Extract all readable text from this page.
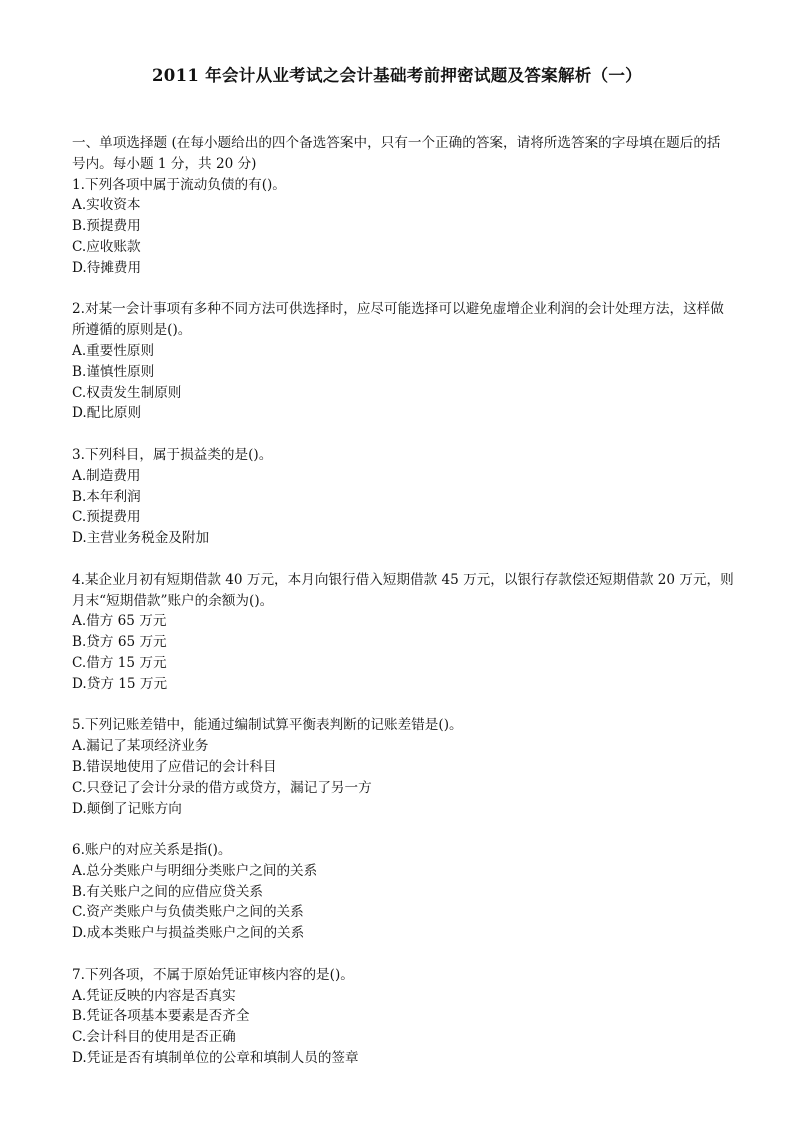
2011 年会计从业考试之会计基础考前押密试题及答案解析（一）

一、单项选择题 (在每小题给出的四个备选答案中，只有一个正确的答案，请将所选答案的字母填在题后的括号内。每小题 1 分，共 20 分)

1.下列各项中属于流动负债的有()。

A.实收资本

B.预提费用

C.应收账款

D.待摊费用

2.对某一会计事项有多种不同方法可供选择时，应尽可能选择可以避免虚增企业利润的会计处理方法，这样做所遵循的原则是()。

A.重要性原则

B.谨慎性原则

C.权责发生制原则

D.配比原则

3.下列科目，属于损益类的是()。

A.制造费用

B.本年利润

C.预提费用

D.主营业务税金及附加

4.某企业月初有短期借款 40 万元，本月向银行借入短期借款 45 万元，以银行存款偿还短期借款 20 万元，则月末“短期借款”账户的余额为()。

A.借方 65 万元

B.贷方 65 万元

C.借方 15 万元

D.贷方 15 万元

5.下列记账差错中，能通过编制试算平衡表判断的记账差错是()。

A.漏记了某项经济业务

B.错误地使用了应借记的会计科目

C.只登记了会计分录的借方或贷方，漏记了另一方

D.颠倒了记账方向

6.账户的对应关系是指()。

A.总分类账户与明细分类账户之间的关系

B.有关账户之间的应借应贷关系

C.资产类账户与负债类账户之间的关系

D.成本类账户与损益类账户之间的关系

7.下列各项，不属于原始凭证审核内容的是()。

A.凭证反映的内容是否真实

B.凭证各项基本要素是否齐全

C.会计科目的使用是否正确

D.凭证是否有填制单位的公章和填制人员的签章
